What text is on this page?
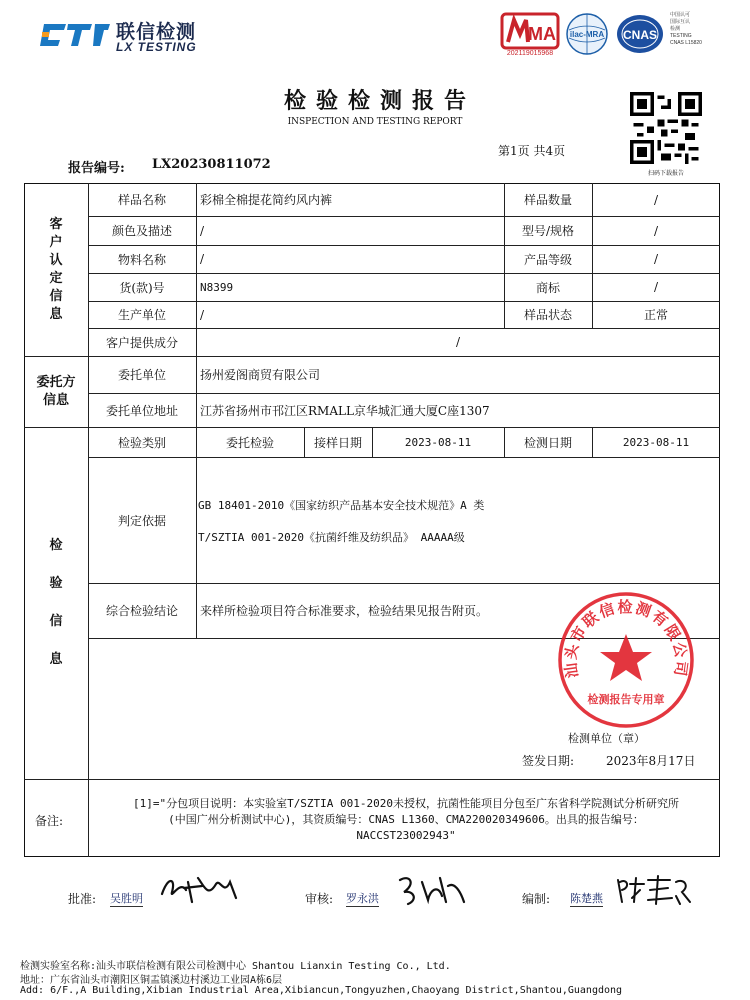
联信检测
LX TESTING
MA
202119015968
ilac-MRA CNAS
中国认可
国际互认
检测
TESTING
CNAS L15820
检验检测报告
INSPECTION AND TESTING REPORT
第1页 共4页
报告编号: LX20230811072
扫码下载报告
客户认定信息
样品名称	彩棉全棉提花简约风内裤	样品数量	/
颜色及描述	/	型号/规格	/
物料名称	/	产品等级	/
货(款)号	N8399	商标	/
生产单位	/	样品状态	正常
客户提供成分	/
委托方
信息
委托单位	扬州爱阁商贸有限公司
委托单位地址	江苏省扬州市邗江区RMALL京华城汇通大厦C座1307
检验信息
检验类别	委托检验	接样日期	2023-08-11	检测日期	2023-08-11
判定依据
GB 18401-2010《国家纺织产品基本安全技术规范》A 类
T/SZTIA 001-2020《抗菌纤维及纺织品》 AAAAA级
综合检验结论	来样所检验项目符合标准要求，检验结果见报告附页。
汕头市联信检测有限公司
检测报告专用章
检测单位（章）
签发日期:	2023年8月17日
备注:
[1]="分包项目说明：本实验室T/SZTIA 001-2020未授权，抗菌性能项目分包至广东省科学院测试分析研究所
(中国广州分析测试中心)，其资质编号：CNAS L1360、CMA220020349606。出具的报告编号：
NACCST23002943"
批准: 吴胜明	审核: 罗永洪	编制: 陈楚燕
检测实验室名称:汕头市联信检测有限公司检测中心 Shantou Lianxin Testing Co., Ltd.
地址：广东省汕头市潮阳区铜盂镇溪边村溪边工业园A栋6层
Add: 6/F.,A Building,Xibian Industrial Area,Xibiancun,Tongyuzhen,Chaoyang District,Shantou,Guangdong
